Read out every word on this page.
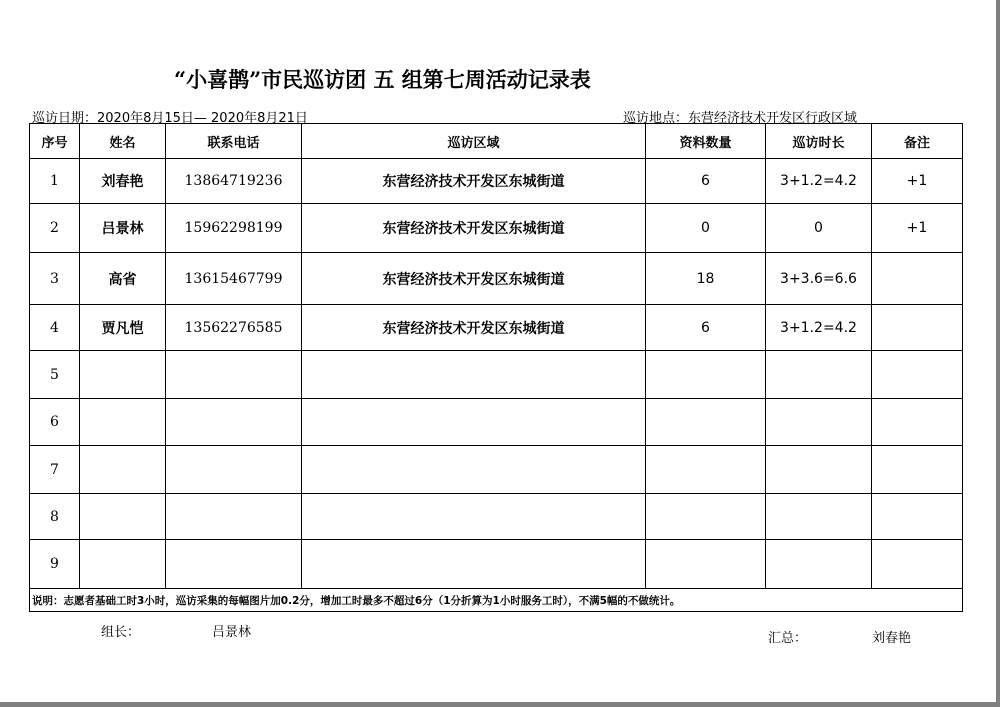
“小喜鹊”市民巡访团 五 组第七周活动记录表
巡访日期：2020年8月15日— 2020年8月21日	巡访地点：东营经济技术开发区行政区域
序号	姓名	联系电话	巡访区域	资料数量	巡访时长	备注
1	刘春艳	13864719236	东营经济技术开发区东城街道	6	3+1.2=4.2	+1
2	吕景林	15962298199	东营经济技术开发区东城街道	0	0	+1
3	高省	13615467799	东营经济技术开发区东城街道	18	3+3.6=6.6	
4	贾凡恺	13562276585	东营经济技术开发区东城街道	6	3+1.2=4.2	
5						
6						
7						
8						
9						
说明：志愿者基础工时3小时，巡访采集的每幅图片加0.2分，增加工时最多不超过6分（1分折算为1小时服务工时），不满5幅的不做统计。						
组长：	吕景林	汇总：	刘春艳
